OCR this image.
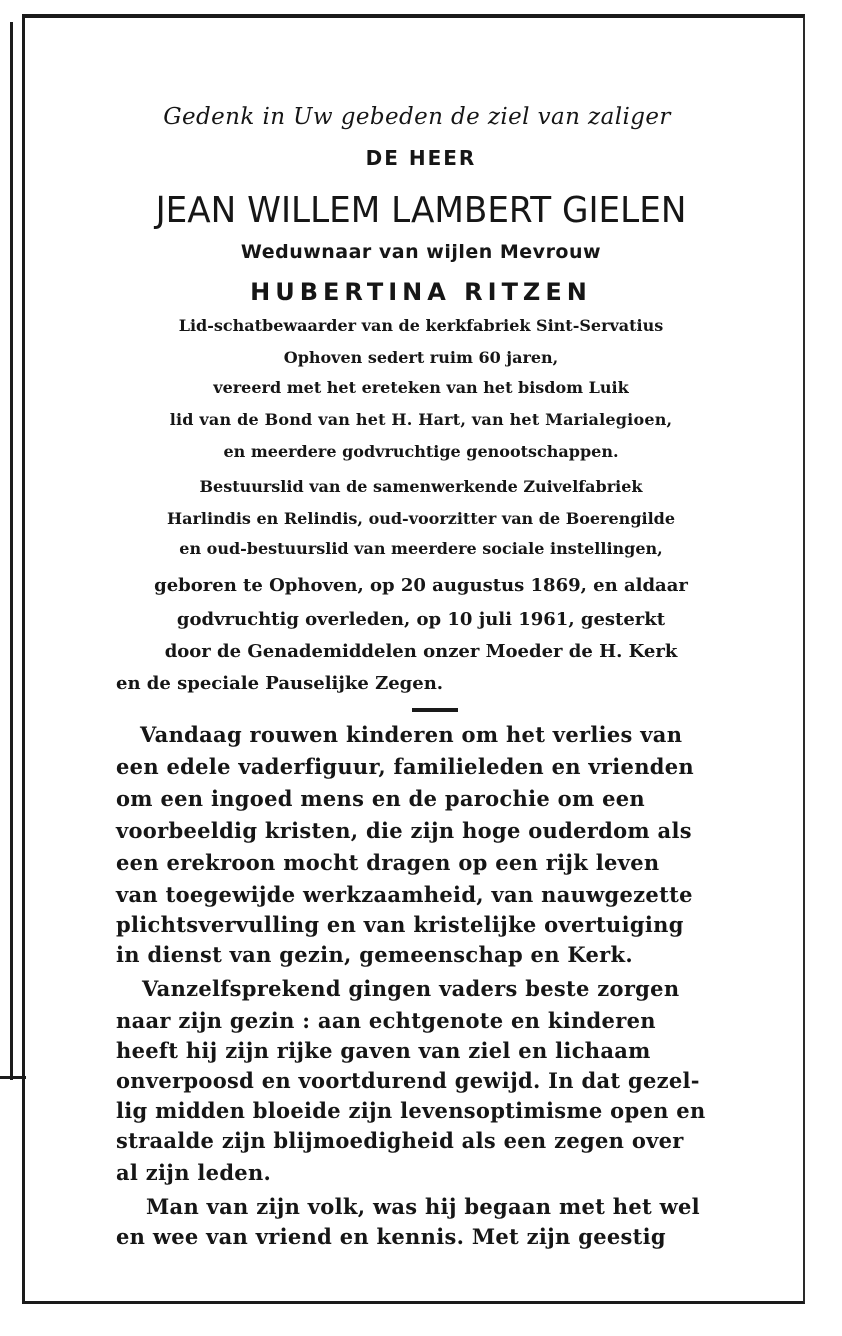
Gedenk in Uw gebeden de ziel van zaliger
DE HEER
JEAN WILLEM LAMBERT GIELEN
Weduwnaar van wijlen Mevrouw
HUBERTINA RITZEN
Lid-schatbewaarder van de kerkfabriek Sint-Servatius
Ophoven sedert ruim 60 jaren,
vereerd met het ereteken van het bisdom Luik
lid van de Bond van het H. Hart, van het Marialegioen,
en meerdere godvruchtige genootschappen.
Bestuurslid van de samenwerkende Zuivelfabriek
Harlindis en Relindis, oud-voorzitter van de Boerengilde
en oud-bestuurslid van meerdere sociale instellingen,
geboren te Ophoven, op 20 augustus 1869, en aldaar
godvruchtig overleden, op 10 juli 1961, gesterkt
door de Genademiddelen onzer Moeder de H. Kerk
en de speciale Pauselijke Zegen.
Vandaag rouwen kinderen om het verlies van
een edele vaderfiguur, familieleden en vrienden
om een ingoed mens en de parochie om een
voorbeeldig kristen, die zijn hoge ouderdom als
een erekroon mocht dragen op een rijk leven
van toegewijde werkzaamheid, van nauwgezette
plichtsvervulling en van kristelijke overtuiging
in dienst van gezin, gemeenschap en Kerk.
Vanzelfsprekend gingen vaders beste zorgen
naar zijn gezin : aan echtgenote en kinderen
heeft hij zijn rijke gaven van ziel en lichaam
onverpoosd en voortdurend gewijd. In dat gezel-
lig midden bloeide zijn levensoptimisme open en
straalde zijn blijmoedigheid als een zegen over
al zijn leden.
Man van zijn volk, was hij begaan met het wel
en wee van vriend en kennis. Met zijn geestig
